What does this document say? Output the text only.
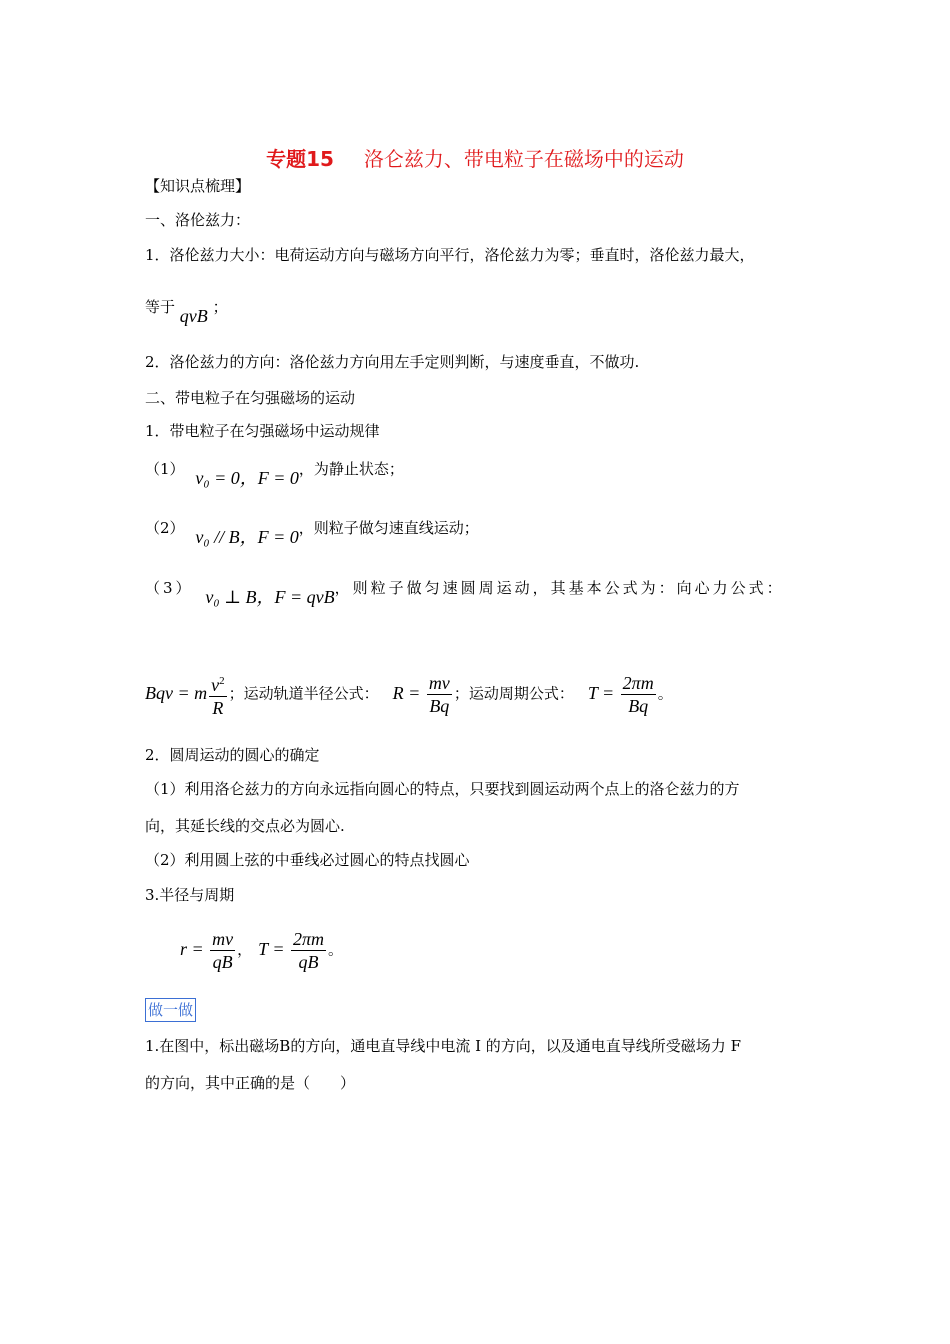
专题15 洛仑兹力、带电粒子在磁场中的运动
【知识点梳理】
一、洛伦兹力：
1．洛伦兹力大小：电荷运动方向与磁场方向平行，洛伦兹力为零；垂直时，洛伦兹力最大，
等于 qvB ；
2．洛伦兹力的方向：洛伦兹力方向用左手定则判断，与速度垂直，不做功.
二、带电粒子在匀强磁场的运动
1．带电粒子在匀强磁场中运动规律
（1） v₀ = 0，F = 0，为静止状态；
（2） v₀ // B，F = 0，则粒子做匀速直线运动；
（3） v₀ ⊥ B，F = qvB，则粒子做匀速圆周运动，其基本公式为：向心力公式：
Bqv = m $\frac{v^2}{R}$ ；运动轨道半径公式： $R = \frac{mv}{Bq}$ ；运动周期公式： $T = \frac{2\pi m}{Bq}$ 。
2．圆周运动的圆心的确定
（1）利用洛仑兹力的方向永远指向圆心的特点，只要找到圆运动两个点上的洛仑兹力的方
向，其延长线的交点必为圆心.
（2）利用圆上弦的中垂线必过圆心的特点找圆心
3.半径与周期
$r = \frac{mv}{qB}$ ， $T = \frac{2\pi m}{qB}$ 。
做一做
1.在图中，标出磁场B的方向，通电直导线中电流 I 的方向，以及通电直导线所受磁场力 F
的方向，其中正确的是（　　）
